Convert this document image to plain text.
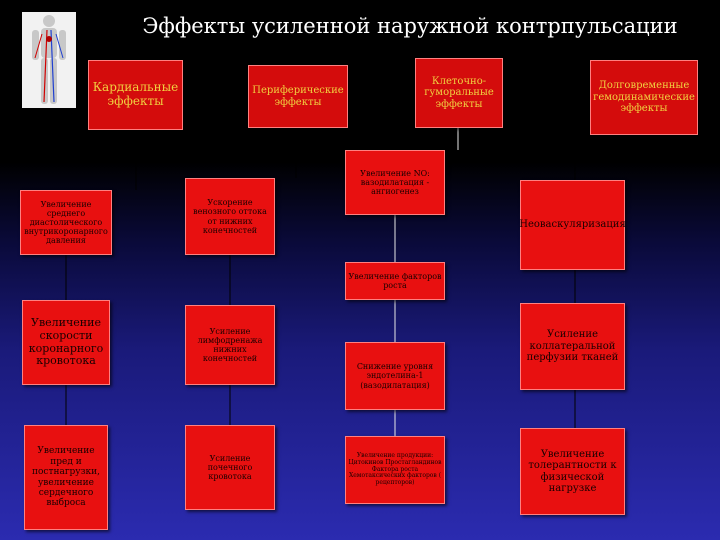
Эффекты усиленной наружной контрпульсации
Кардиальные эффекты
Периферические эффекты
Клеточно-гуморальные эффекты
Долговременные гемодинамические эффекты
Увеличение среднего диастолического внутрикоронарного давления
Увеличение скорости коронарного кровотока
Увеличение пред и постнагрузки, увеличение сердечного выброса
Ускорение венозного оттока от нижних конечностей
Усиление лимфодренажа нижних конечностей
Усиление почечного кровотока
Увеличение NO: вазодилатация - ангиогенез
Увеличение факторов роста
Снижение уровня эндотелина-1 (вазодилатация)
Увеличение продукции: Цитокинов Простагландинов Фактора роста Хемотаксических факторов ( рецепторов)
Неоваскуляризация
Усиление коллатеральной перфузии тканей
Увеличение толерантности к физической нагрузке
